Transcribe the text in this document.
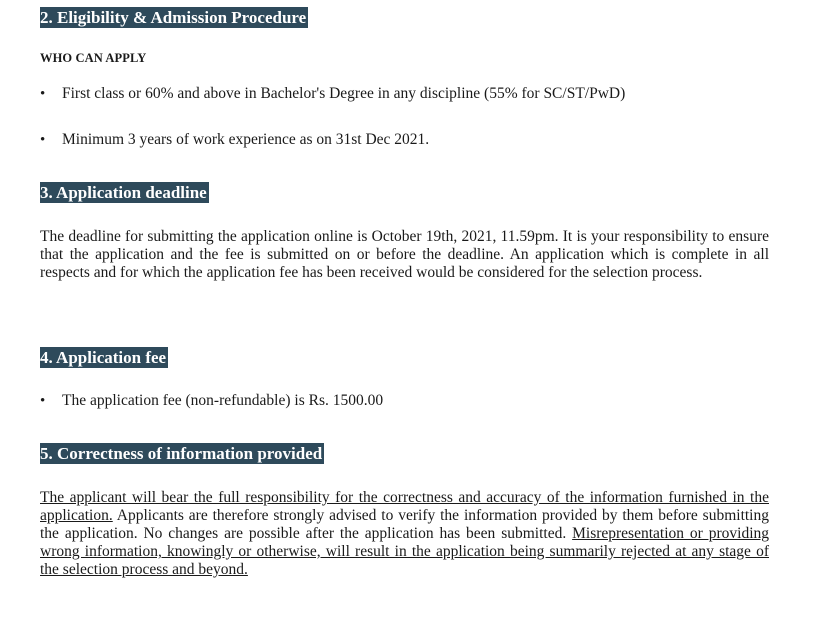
2. Eligibility & Admission Procedure

WHO CAN APPLY

•	First class or 60% and above in Bachelor's Degree in any discipline (55% for SC/ST/PwD)
•	Minimum 3 years of work experience as on 31st Dec 2021.
3. Application deadline

The deadline for submitting the application online is October 19th, 2021, 11.59pm. It is your responsibility to ensure that the application and the fee is submitted on or before the deadline. An application which is complete in all respects and for which the application fee has been received would be considered for the selection process.

4. Application fee
•	The application fee (non-refundable) is Rs. 1500.00
5. Correctness of information provided

The applicant will bear the full responsibility for the correctness and accuracy of the information furnished in the application. Applicants are therefore strongly advised to verify the information provided by them before submitting the application. No changes are possible after the application has been submitted. Misrepresentation or providing wrong information, knowingly or otherwise, will result in the application being summarily rejected at any stage of the selection process and beyond.
